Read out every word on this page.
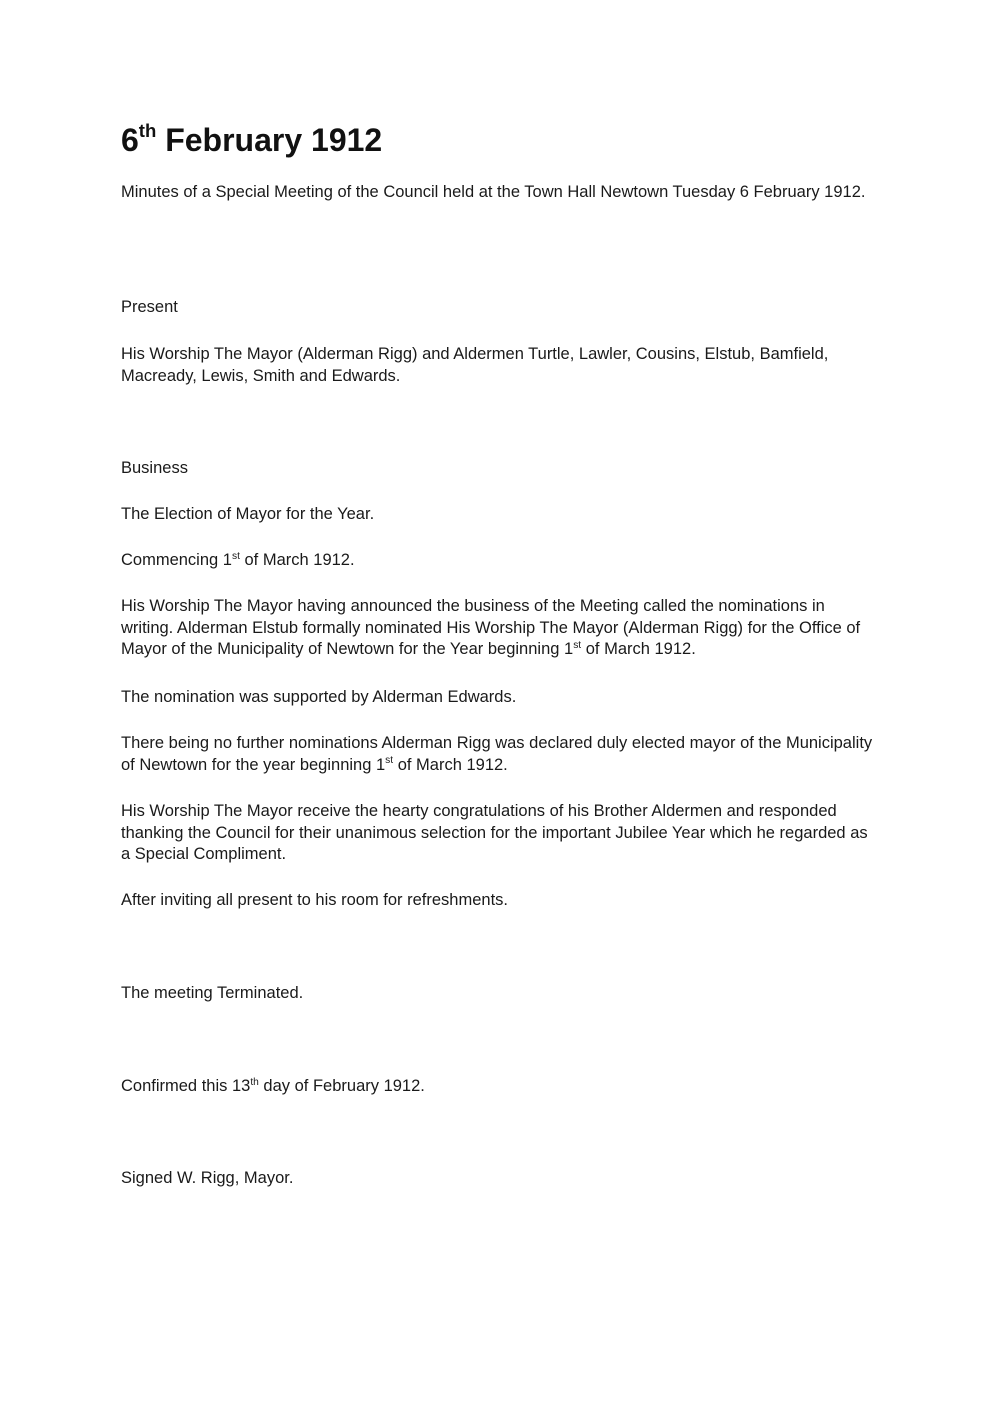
6th February 1912

Minutes of a Special Meeting of the Council held at the Town Hall Newtown Tuesday 6 February 1912.

Present

His Worship The Mayor (Alderman Rigg) and Aldermen Turtle, Lawler, Cousins, Elstub, Bamfield, Macready, Lewis, Smith and Edwards.

Business

The Election of Mayor for the Year.

Commencing 1st of March 1912.

His Worship The Mayor having announced the business of the Meeting called the nominations in writing. Alderman Elstub formally nominated His Worship The Mayor (Alderman Rigg) for the Office of Mayor of the Municipality of Newtown for the Year beginning 1st of March 1912.

The nomination was supported by Alderman Edwards.

There being no further nominations Alderman Rigg was declared duly elected mayor of the Municipality of Newtown for the year beginning 1st of March 1912.

His Worship The Mayor receive the hearty congratulations of his Brother Aldermen and responded thanking the Council for their unanimous selection for the important Jubilee Year which he regarded as a Special Compliment.

After inviting all present to his room for refreshments.

The meeting Terminated.

Confirmed this 13th day of February 1912.

Signed W. Rigg, Mayor.
